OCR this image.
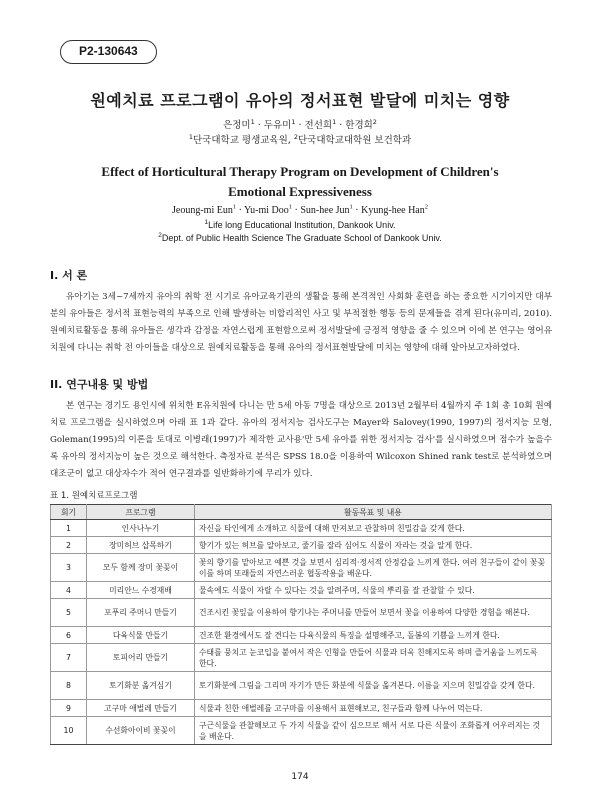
P2-130643
원예치료 프로그램이 유아의 정서표현 발달에 미치는 영향
은정미$^1$ · 두유미$^1$ · 전선희$^1$ · 한경희$^2$
$^1$단국대학교 평생교육원, $^2$단국대학교대학원 보건학과
Effect of Horticultural Therapy Program on Development of Children's Emotional Expressiveness
Jeoung-mi Eun$^1$ · Yu-mi Doo$^1$ · Sun-hee Jun$^1$ · Kyung-hee Han$^2$
$^1$Life long Educational Institution, Dankook Univ.
$^2$Dept. of Public Health Science The Graduate School of Dankook Univ.
I. 서 론
유아기는 3세~7세까지 유아의 취학 전 시기로 유아교육기관의 생활을 통해 본격적인 사회화 훈련을 하는 중요한 시기이지만 대부분의 유아들은 정서적 표현능력의 부족으로 인해 발생하는 비합리적인 사고 및 부적절한 행동 등의 문제들을 겪게 된다(유미리, 2010). 원예치료활동을 통해 유아들은 생각과 감정을 자연스럽게 표현함으로써 정서발달에 긍정적 영향을 줄 수 있으며 이에 본 연구는 영어유치원에 다니는 취학 전 아이들을 대상으로 원예치료활동을 통해 유아의 정서표현발달에 미치는 영향에 대해 알아보고자하였다.
II. 연구내용 및 방법
본 연구는 경기도 용인시에 위치한 E유치원에 다니는 만 5세 아동 7명을 대상으로 2013년 2월부터 4월까지 주 1회 총 10회 원예치료 프로그램을 실시하였으며 아래 표 1과 같다. 유아의 정서지능 검사도구는 Mayer와 Salovey(1990, 1997)의 정서지능 모형, Goleman(1995)의 이론을 토대로 이병래(1997)가 제작한 교사용'만 5세 유아를 위한 정서지능 검사'를 실시하였으며 점수가 높을수록 유아의 정서지능이 높은 것으로 해석한다. 측정자료 분석은 SPSS 18.0을 이용하여 Wilcoxon Shined rank test로 분석하였으며 대조군이 없고 대상자수가 적어 연구결과를 일반화하기에 무리가 있다.
표 1. 원예치료프로그램
회기	프로그램	활동목표 및 내용
1	인사나누기	자신을 타인에게 소개하고 식물에 대해 만져보고 관찰하며 친밀감을 갖게 한다.
2	장미허브 삽목하기	향기가 있는 허브를 알아보고, 줄기를 잘라 심어도 식물이 자라는 것을 알게 한다.
3	모두 함께 장미 꽃꽂이	꽃의 향기를 맡아보고 예쁜 것을 보면서 심리적·정서적 안정감을 느끼게 한다. 여러 친구들이 같이 꽃꽂이를 하며 또래들의 자연스러운 협동작용을 배운다.
4	미리안느 수경재배	물속에도 식물이 자랄 수 있다는 것을 알려주며, 식물의 뿌리를 잘 관찰할 수 있다.
5	포푸리 주머니 만들기	건조시킨 꽃잎을 이용하여 향기나는 주머니를 만들어 보면서 꽃을 이용하여 다양한 경험을 해본다.
6	다육식물 만들기	건조한 환경에서도 잘 견디는 다육식물의 특징을 설명해주고, 돌봄의 기쁨을 느끼게 한다.
7	토피어리 만들기	수태를 뭉치고 눈코입을 붙여서 작은 인형을 만들어 식물과 더욱 친해지도록 하며 즐거움을 느끼도록 한다.
8	토기화분 옮겨심기	토기화분에 그림을 그리며 자기가 만든 화분에 식물을 옮겨본다. 이름을 지으며 친밀감을 갖게 한다.
9	고구마 애벌레 만들기	식물과 친한 애벌레를 고구마를 이용해서 표현해보고, 친구들과 함께 나누어 먹는다.
10	수선화아이비 꽃꽂이	구근식물을 관찰해보고 두 가지 식물을 같이 심으므로 해서 서로 다른 식물이 조화롭게 어우러지는 것을 배운다.
174
